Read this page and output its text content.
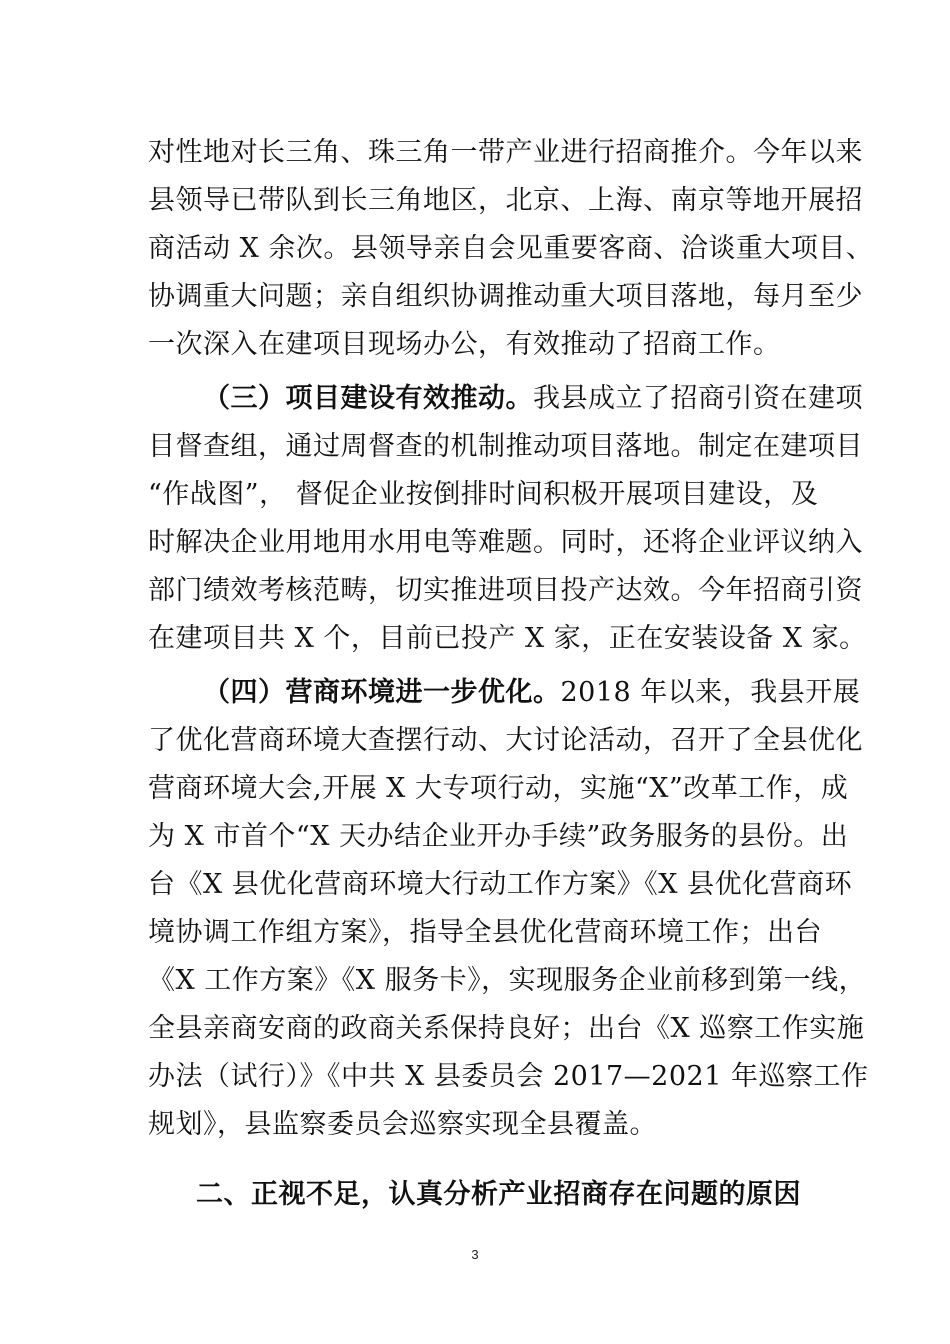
对性地对长三角、珠三角一带产业进行招商推介。今年以来
县领导已带队到长三角地区，北京、上海、南京等地开展招
商活动 X 余次。县领导亲自会见重要客商、洽谈重大项目、
协调重大问题；亲自组织协调推动重大项目落地，每月至少
一次深入在建项目现场办公，有效推动了招商工作。
（三）项目建设有效推动。我县成立了招商引资在建项
目督查组，通过周督查的机制推动项目落地。制定在建项目
“作战图”， 督促企业按倒排时间积极开展项目建设，及
时解决企业用地用水用电等难题。同时，还将企业评议纳入
部门绩效考核范畴，切实推进项目投产达效。今年招商引资
在建项目共 X 个，目前已投产 X 家，正在安装设备 X 家。
（四）营商环境进一步优化。2018 年以来，我县开展
了优化营商环境大查摆行动、大讨论活动，召开了全县优化
营商环境大会,开展 X 大专项行动，实施“X”改革工作，成
为 X 市首个“X 天办结企业开办手续”政务服务的县份。出
台《X 县优化营商环境大行动工作方案》《X 县优化营商环
境协调工作组方案》，指导全县优化营商环境工作；出台
《X 工作方案》《X 服务卡》，实现服务企业前移到第一线，
全县亲商安商的政商关系保持良好；出台《X 巡察工作实施
办法（试行）》《中共 X 县委员会 2017—2021 年巡察工作
规划》，县监察委员会巡察实现全县覆盖。
二、正视不足，认真分析产业招商存在问题的原因
3
